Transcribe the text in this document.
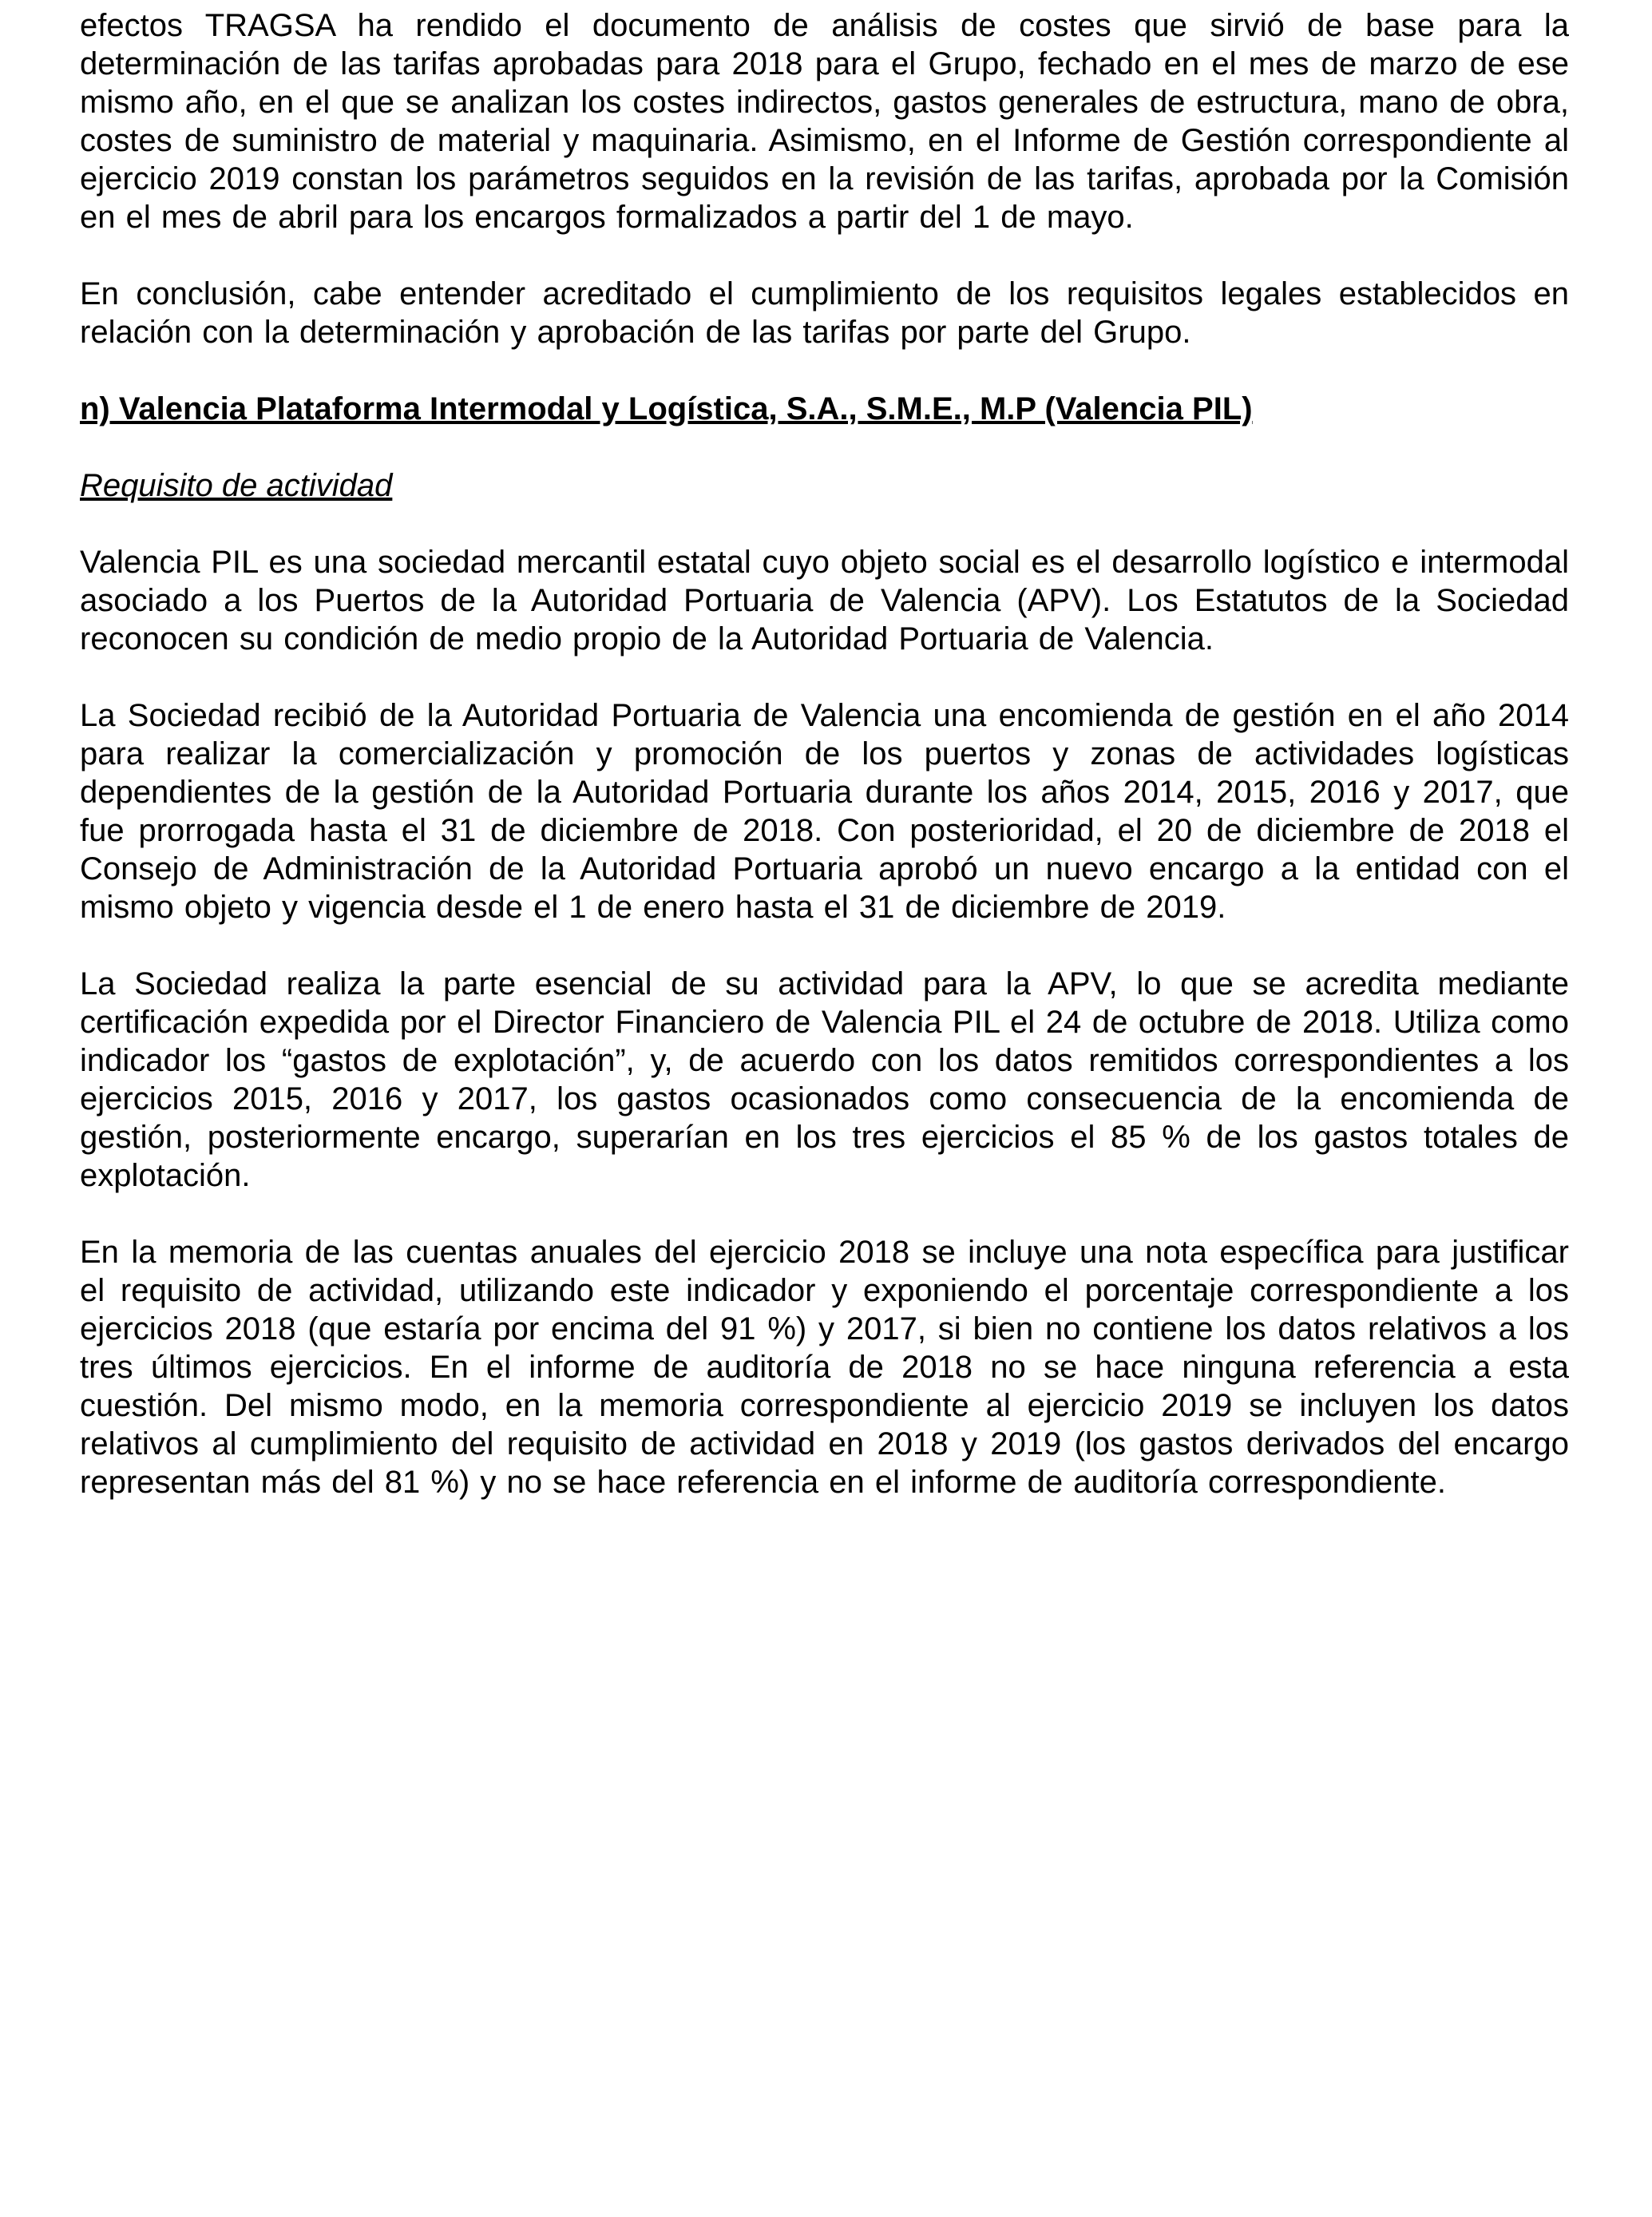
efectos TRAGSA ha rendido el documento de análisis de costes que sirvió de base para la determinación de las tarifas aprobadas para 2018 para el Grupo, fechado en el mes de marzo de ese mismo año, en el que se analizan los costes indirectos, gastos generales de estructura, mano de obra, costes de suministro de material y maquinaria. Asimismo, en el Informe de Gestión correspondiente al ejercicio 2019 constan los parámetros seguidos en la revisión de las tarifas, aprobada por la Comisión en el mes de abril para los encargos formalizados a partir del 1 de mayo.

En conclusión, cabe entender acreditado el cumplimiento de los requisitos legales establecidos en relación con la determinación y aprobación de las tarifas por parte del Grupo.

n) Valencia Plataforma Intermodal y Logística, S.A., S.M.E., M.P (Valencia PIL)
Requisito de actividad

Valencia PIL es una sociedad mercantil estatal cuyo objeto social es el desarrollo logístico e intermodal asociado a los Puertos de la Autoridad Portuaria de Valencia (APV). Los Estatutos de la Sociedad reconocen su condición de medio propio de la Autoridad Portuaria de Valencia.

La Sociedad recibió de la Autoridad Portuaria de Valencia una encomienda de gestión en el año 2014 para realizar la comercialización y promoción de los puertos y zonas de actividades logísticas dependientes de la gestión de la Autoridad Portuaria durante los años 2014, 2015, 2016 y 2017, que fue prorrogada hasta el 31 de diciembre de 2018. Con posterioridad, el 20 de diciembre de 2018 el Consejo de Administración de la Autoridad Portuaria aprobó un nuevo encargo a la entidad con el mismo objeto y vigencia desde el 1 de enero hasta el 31 de diciembre de 2019.

La Sociedad realiza la parte esencial de su actividad para la APV, lo que se acredita mediante certificación expedida por el Director Financiero de Valencia PIL el 24 de octubre de 2018. Utiliza como indicador los “gastos de explotación”, y, de acuerdo con los datos remitidos correspondientes a los ejercicios 2015, 2016 y 2017, los gastos ocasionados como consecuencia de la encomienda de gestión, posteriormente encargo, superarían en los tres ejercicios el 85 % de los gastos totales de explotación.

En la memoria de las cuentas anuales del ejercicio 2018 se incluye una nota específica para justificar el requisito de actividad, utilizando este indicador y exponiendo el porcentaje correspondiente a los ejercicios 2018 (que estaría por encima del 91 %) y 2017, si bien no contiene los datos relativos a los tres últimos ejercicios. En el informe de auditoría de 2018 no se hace ninguna referencia a esta cuestión. Del mismo modo, en la memoria correspondiente al ejercicio 2019 se incluyen los datos relativos al cumplimiento del requisito de actividad en 2018 y 2019 (los gastos derivados del encargo representan más del 81 %) y no se hace referencia en el informe de auditoría correspondiente.
